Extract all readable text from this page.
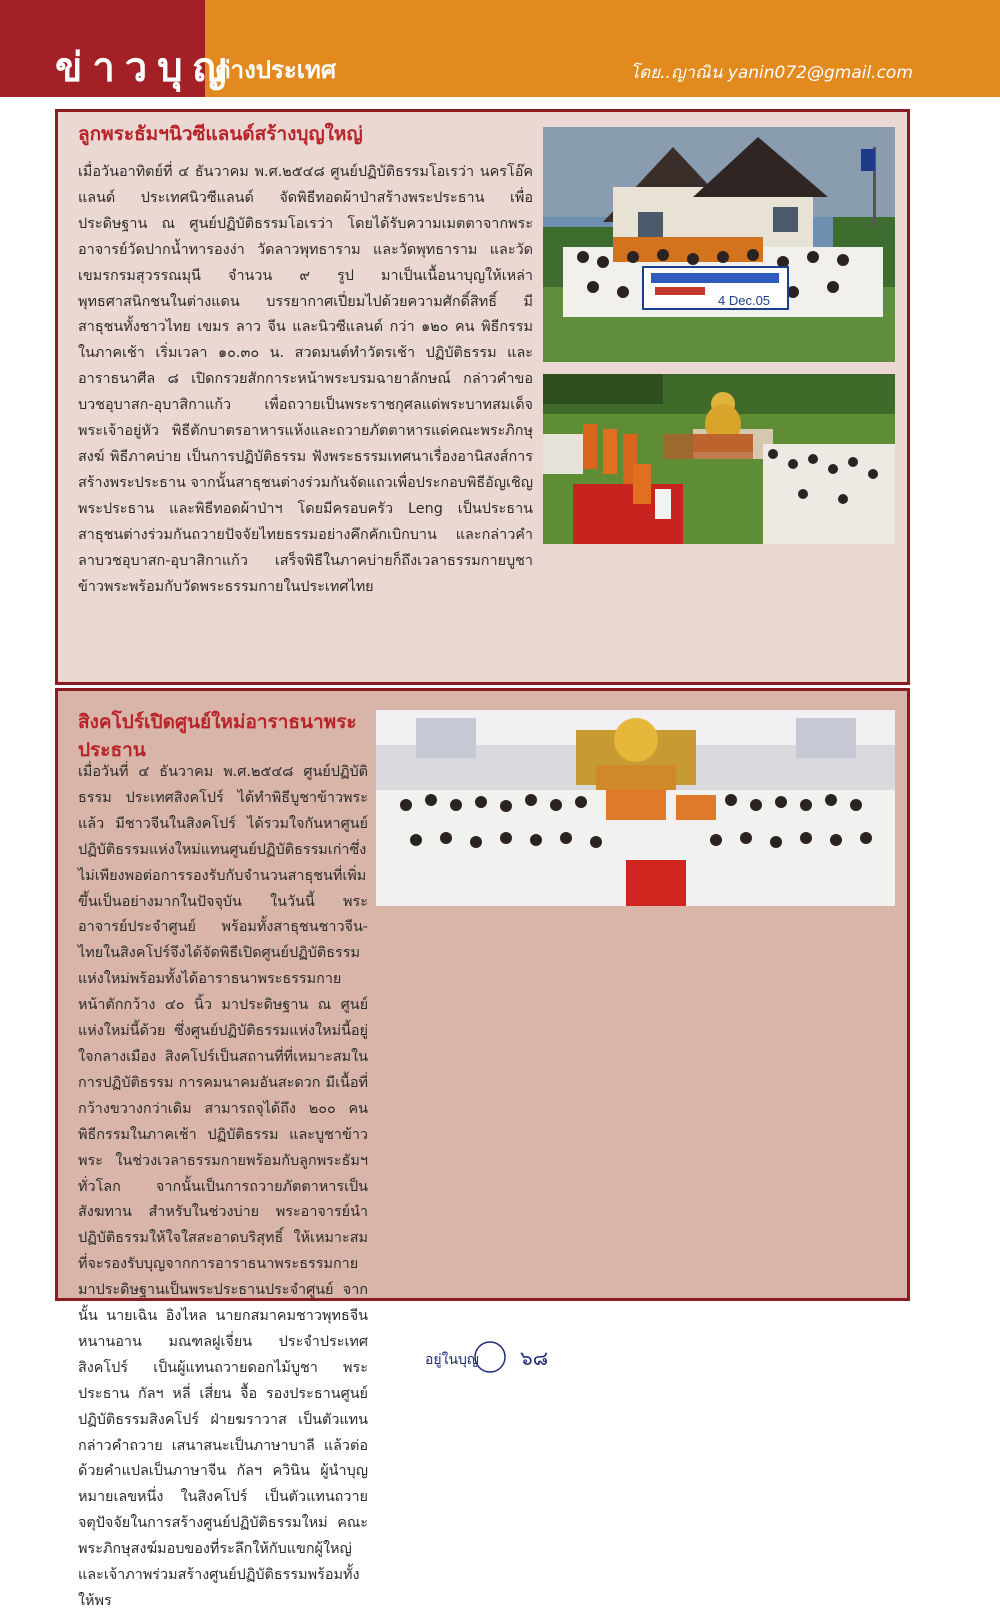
ข่าวบุญ
ต่างประเทศ	โดย..ญาณิน yanin072@gmail.com
ลูกพระธัมฯนิวซีแลนด์สร้างบุญใหญ่
4 Dec.05

เมื่อวันอาทิตย์ที่ ๔ ธันวาคม พ.ศ.๒๕๔๘ ศูนย์ปฏิบัติธรรมโอเรว่า นครโอ๊คแลนด์ ประเทศนิวซีแลนด์ จัดพิธีทอดผ้าป่าสร้างพระประธาน เพื่อประดิษฐาน ณ ศูนย์ปฏิบัติธรรมโอเรว่า โดยได้รับความเมตตาจากพระอาจารย์วัดปากน้ำทารองง่า วัดลาวพุทธาราม และวัดพุทธาราม และวัดเขมรกรมสุวรรณมุนี จำนวน ๙ รูป มาเป็นเนื้อนาบุญให้เหล่าพุทธศาสนิกชนในต่างแดน บรรยากาศเปี่ยมไปด้วยความศักดิ์สิทธิ์ มีสาธุชนทั้งชาวไทย เขมร ลาว จีน และนิวซีแลนด์ กว่า ๑๒๐ คน พิธีกรรมในภาคเช้า เริ่มเวลา ๑๐.๓๐ น. สวดมนต์ทำวัตรเช้า ปฏิบัติธรรม และอาราธนาศีล ๘ เปิดกรวยสักการะหน้าพระบรมฉายาลักษณ์ กล่าวคำขอบวชอุบาสก-อุบาสิกาแก้ว เพื่อถวายเป็นพระราชกุศลแด่พระบาทสมเด็จพระเจ้าอยู่หัว พิธีตักบาตรอาหารแห้งและถวายภัตตาหารแด่คณะพระภิกษุสงฆ์ พิธีภาคบ่าย เป็นการปฏิบัติธรรม ฟังพระธรรมเทศนาเรื่องอานิสงส์การสร้างพระประธาน จากนั้นสาธุชนต่างร่วมกันจัดแถวเพื่อประกอบพิธีอัญเชิญพระประธาน และพิธีทอดผ้าป่าฯ โดยมีครอบครัว Leng เป็นประธานสาธุชนต่างร่วมกันถวายปัจจัยไทยธรรมอย่างคึกคักเบิกบาน และกล่าวคำลาบวชอุบาสก-อุบาสิกาแก้ว เสร็จพิธีในภาคบ่ายก็ถึงเวลาธรรมกายบูชาข้าวพระพร้อมกับวัดพระธรรมกายในประเทศไทย

สิงคโปร์เปิดศูนย์ใหม่อาราธนาพระประธาน

เมื่อวันที่ ๔ ธันวาคม พ.ศ.๒๕๔๘ ศูนย์ปฏิบัติธรรม ประเทศสิงคโปร์ ได้ทำพิธีบูชาข้าวพระแล้ว มีชาวจีนในสิงคโปร์ ได้รวมใจกันหาศูนย์ปฏิบัติธรรมแห่งใหม่แทนศูนย์ปฏิบัติธรรมเก่าซึ่งไม่เพียงพอต่อการรองรับกับจำนวนสาธุชนที่เพิ่มขึ้นเป็นอย่างมากในปัจจุบัน ในวันนี้ พระอาจารย์ประจำศูนย์ พร้อมทั้งสาธุชนชาวจีน-ไทยในสิงคโปร์จึงได้จัดพิธีเปิดศูนย์ปฏิบัติธรรมแห่งใหม่พร้อมทั้งได้อาราธนาพระธรรมกาย หน้าตักกว้าง ๔๐ นิ้ว มาประดิษฐาน ณ ศูนย์แห่งใหม่นี้ด้วย ซึ่งศูนย์ปฏิบัติธรรมแห่งใหม่นี้อยู่ใจกลางเมือง สิงคโปร์เป็นสถานที่ที่เหมาะสมในการปฏิบัติธรรม การคมนาคมอันสะดวก มีเนื้อที่กว้างขวางกว่าเดิม สามารถจุได้ถึง ๒๐๐ คน พิธีกรรมในภาคเช้า ปฏิบัติธรรม และบูชาข้าวพระ ในช่วงเวลาธรรมกายพร้อมกับลูกพระธัมฯ ทั่วโลก จากนั้นเป็นการถวายภัตตาหารเป็นสังฆทาน สำหรับในช่วงบ่าย พระอาจารย์นำปฏิบัติธรรมให้ใจใสสะอาดบริสุทธิ์ ให้เหมาะสมที่จะรองรับบุญจากการอาราธนาพระธรรมกายมาประดิษฐานเป็นพระประธานประจำศูนย์ จากนั้น นายเฉิน อิงไหล นายกสมาคมชาวพุทธจีนหนานอาน มณฑลฝูเจี่ยน ประจำประเทศสิงคโปร์ เป็นผู้แทนถวายดอกไม้บูชา พระประธาน กัลฯ หลี่ เสี่ยน จื้อ รองประธานศูนย์ปฏิบัติธรรมสิงคโปร์ ฝ่ายฆราวาส เป็นตัวแทนกล่าวคำถวาย เสนาสนะเป็นภาษาบาลี แล้วต่อด้วยคำแปลเป็นภาษาจีน กัลฯ ควินิน ผู้นำบุญหมายเลขหนึ่ง ในสิงคโปร์ เป็นตัวแทนถวายจตุปัจจัยในการสร้างศูนย์ปฏิบัติธรรมใหม่ คณะพระภิกษุสงฆ์มอบของที่ระลึกให้กับแขกผู้ใหญ่และเจ้าภาพร่วมสร้างศูนย์ปฏิบัติธรรมพร้อมทั้งให้พร

อยู่ในบุญ ๖๘
